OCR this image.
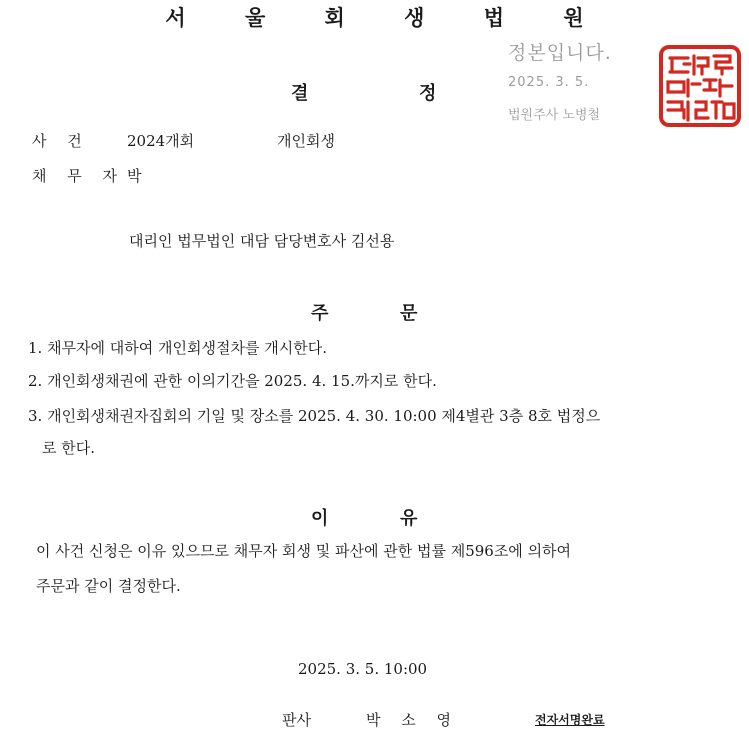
서 울 회 생 법 원
정본입니다.
2025. 3. 5.
법원주사 노병철
결	정
사 건 2024개회	개인회생
채 무 자 박
대리인 법무법인 대담 담당변호사 김선용
주	문
1. 채무자에 대하여 개인회생절차를 개시한다.
2. 개인회생채권에 관한 이의기간을 2025. 4. 15.까지로 한다.
3. 개인회생채권자집회의 기일 및 장소를 2025. 4. 30. 10:00 제4별관 3층 8호 법정으
로 한다.
이	유
이 사건 신청은 이유 있으므로 채무자 회생 및 파산에 관한 법률 제596조에 의하여
주문과 같이 결정한다.
2025. 3. 5. 10:00
판사	박 소 영	전자서명완료
